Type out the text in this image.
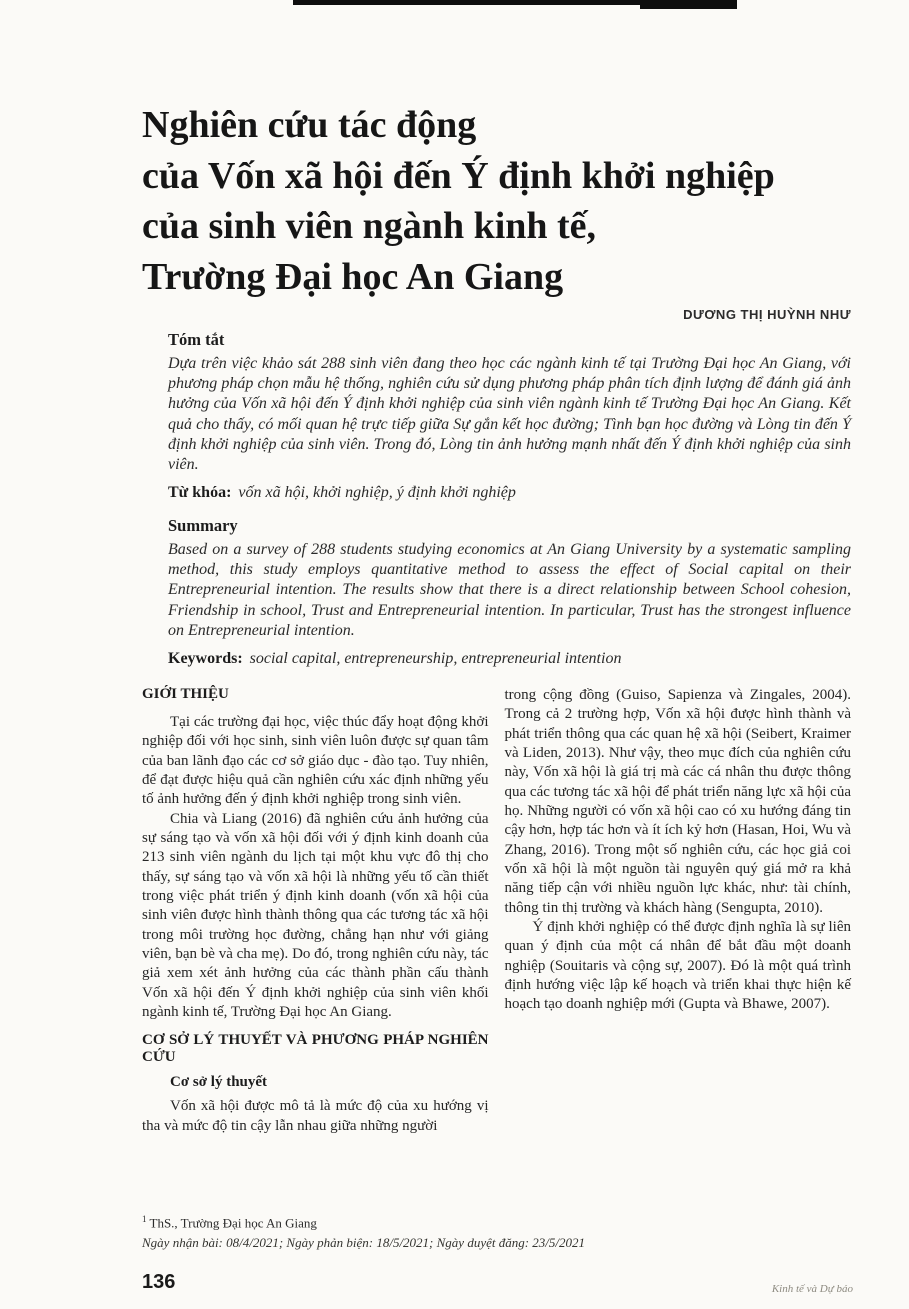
Nghiên cứu tác động
của Vốn xã hội đến Ý định khởi nghiệp
của sinh viên ngành kinh tế,
Trường Đại học An Giang
DƯƠNG THỊ HUỲNH NHƯ
Tóm tắt

Dựa trên việc khảo sát 288 sinh viên đang theo học các ngành kinh tế tại Trường Đại học An Giang, với phương pháp chọn mẫu hệ thống, nghiên cứu sử dụng phương pháp phân tích định lượng để đánh giá ảnh hưởng của Vốn xã hội đến Ý định khởi nghiệp của sinh viên ngành kinh tế Trường Đại học An Giang. Kết quả cho thấy, có mối quan hệ trực tiếp giữa Sự gắn kết học đường; Tình bạn học đường và Lòng tin đến Ý định khởi nghiệp của sinh viên. Trong đó, Lòng tin ảnh hưởng mạnh nhất đến Ý định khởi nghiệp của sinh viên.

Từ khóa: vốn xã hội, khởi nghiệp, ý định khởi nghiệp
Summary

Based on a survey of 288 students studying economics at An Giang University by a systematic sampling method, this study employs quantitative method to assess the effect of Social capital on their Entrepreneurial intention. The results show that there is a direct relationship between School cohesion, Friendship in school, Trust and Entrepreneurial intention. In particular, Trust has the strongest influence on Entrepreneurial intention.

Keywords: social capital, entrepreneurship, entrepreneurial intention
GIỚI THIỆU

Tại các trường đại học, việc thúc đẩy hoạt động khởi nghiệp đối với học sinh, sinh viên luôn được sự quan tâm của ban lãnh đạo các cơ sở giáo dục - đào tạo. Tuy nhiên, để đạt được hiệu quả cần nghiên cứu xác định những yếu tố ảnh hưởng đến ý định khởi nghiệp trong sinh viên.

Chia và Liang (2016) đã nghiên cứu ảnh hưởng của sự sáng tạo và vốn xã hội đối với ý định kinh doanh của 213 sinh viên ngành du lịch tại một khu vực đô thị cho thấy, sự sáng tạo và vốn xã hội là những yếu tố cần thiết trong việc phát triển ý định kinh doanh (vốn xã hội của sinh viên được hình thành thông qua các tương tác xã hội trong môi trường học đường, chẳng hạn như với giảng viên, bạn bè và cha mẹ). Do đó, trong nghiên cứu này, tác giả xem xét ảnh hưởng của các thành phần cấu thành Vốn xã hội đến Ý định khởi nghiệp của sinh viên khối ngành kinh tế, Trường Đại học An Giang.

CƠ SỞ LÝ THUYẾT VÀ PHƯƠNG PHÁP NGHIÊN CỨU
Cơ sở lý thuyết

Vốn xã hội được mô tả là mức độ của xu hướng vị tha và mức độ tin cậy lẫn nhau giữa những người

trong cộng đồng (Guiso, Sapienza và Zingales, 2004). Trong cả 2 trường hợp, Vốn xã hội được hình thành và phát triển thông qua các quan hệ xã hội (Seibert, Kraimer và Liden, 2013). Như vậy, theo mục đích của nghiên cứu này, Vốn xã hội là giá trị mà các cá nhân thu được thông qua các tương tác xã hội để phát triển năng lực xã hội của họ. Những người có vốn xã hội cao có xu hướng đáng tin cậy hơn, hợp tác hơn và ít ích kỷ hơn (Hasan, Hoi, Wu và Zhang, 2016). Trong một số nghiên cứu, các học giả coi vốn xã hội là một nguồn tài nguyên quý giá mở ra khả năng tiếp cận với nhiều nguồn lực khác, như: tài chính, thông tin thị trường và khách hàng (Sengupta, 2010).

Ý định khởi nghiệp có thể được định nghĩa là sự liên quan ý định của một cá nhân để bắt đầu một doanh nghiệp (Souitaris và cộng sự, 2007). Đó là một quá trình định hướng việc lập kế hoạch và triển khai thực hiện kế hoạch tạo doanh nghiệp mới (Gupta và Bhawe, 2007).

$^1$ ThS., Trường Đại học An Giang
Ngày nhận bài: 08/4/2021; Ngày phản biện: 18/5/2021; Ngày duyệt đăng: 23/5/2021
136	Kinh tế và Dự báo
